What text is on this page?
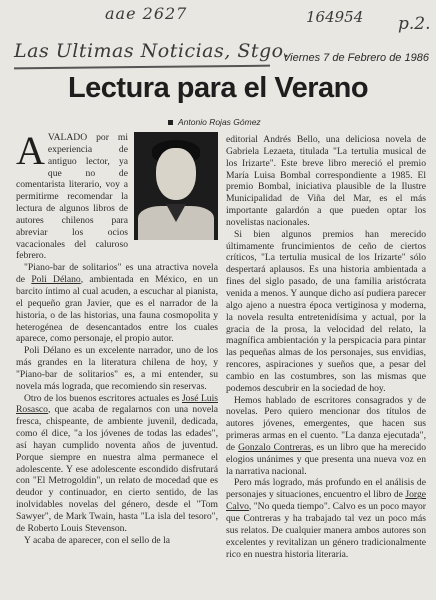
aae 2627	164954 p.2.
Las Ultimas Noticias, Stgo.
Viernes 7 de Febrero de 1986
Lectura para el Verano
Antonio Rojas Gómez

AVALADO por mi experiencia de antiguo lector, ya que no de comentarista literario, voy a permitirme recomendar la lectura de algunos libros de autores chilenos para abreviar los ocios vacacionales del caluroso febrero.

"Piano-bar de solitarios" es una atractiva novela de Poli Délano, ambientada en México, en un barcito íntimo al cual acuden, a escuchar al pianista, el pequeño gran Javier, que es el narrador de la historia, o de las historias, una fauna cosmopolita y heterogénea de desencantados entre los cuales aparece, como personaje, el propio autor.

Poli Délano es un excelente narrador, uno de los más grandes en la literatura chilena de hoy, y "Piano-bar de solitarios" es, a mi entender, su novela más lograda, que recomiendo sin reservas.

Otro de los buenos escritores actuales es José Luis Rosasco, que acaba de regalarnos con una novela fresca, chispeante, de ambiente juvenil, dedicada, como él dice, "a los jóvenes de todas las edades", así hayan cumplido noventa años de juventud. Porque siempre en nuestra alma permanece el adolescente. Y ese adolescente escondido disfrutará con "El Metrogoldin", un relato de mocedad que es deudor y continuador, en cierto sentido, de las inolvidables novelas del género, desde el "Tom Sawyer", de Mark Twain, hasta "La isla del tesoro", de Roberto Louis Stevenson.

Y acaba de aparecer, con el sello de la

editorial Andrés Bello, una deliciosa novela de Gabriela Lezaeta, titulada "La tertulia musical de los Irizarte". Este breve libro mereció el premio María Luisa Bombal correspondiente a 1985. El premio Bombal, iniciativa plausible de la Ilustre Municipalidad de Viña del Mar, es el más importante galardón a que pueden optar los novelistas nacionales.

Si bien algunos premios han merecido últimamente fruncimientos de ceño de ciertos críticos, "La tertulia musical de los Irizarte" sólo despertará aplausos. Es una historia ambientada a fines del siglo pasado, de una familia aristócrata venida a menos. Y aunque dicho así pudiera parecer algo ajeno a nuestra época vertiginosa y moderna, la novela resulta entretenidísima y actual, por la gracia de la prosa, la velocidad del relato, la magnífica ambientación y la perspicacia para pintar las pequeñas almas de los personajes, sus envidias, rencores, aspiraciones y sueños que, a pesar del cambio en las costumbres, son las mismas que podemos descubrir en la sociedad de hoy.

Hemos hablado de escritores consagrados y de novelas. Pero quiero mencionar dos títulos de autores jóvenes, emergentes, que hacen sus primeras armas en el cuento. "La danza ejecutada", de Gonzalo Contreras, es un libro que ha merecido elogios unánimes y que presenta una nueva voz en la narrativa nacional.

Pero más logrado, más profundo en el análisis de personajes y situaciones, encuentro el libro de Jorge Calvo, "No queda tiempo". Calvo es un poco mayor que Contreras y ha trabajado tal vez un poco más sus relatos. De cualquier manera ambos autores son excelentes y revitalizan un género tradicionalmente rico en nuestra historia literaria.
